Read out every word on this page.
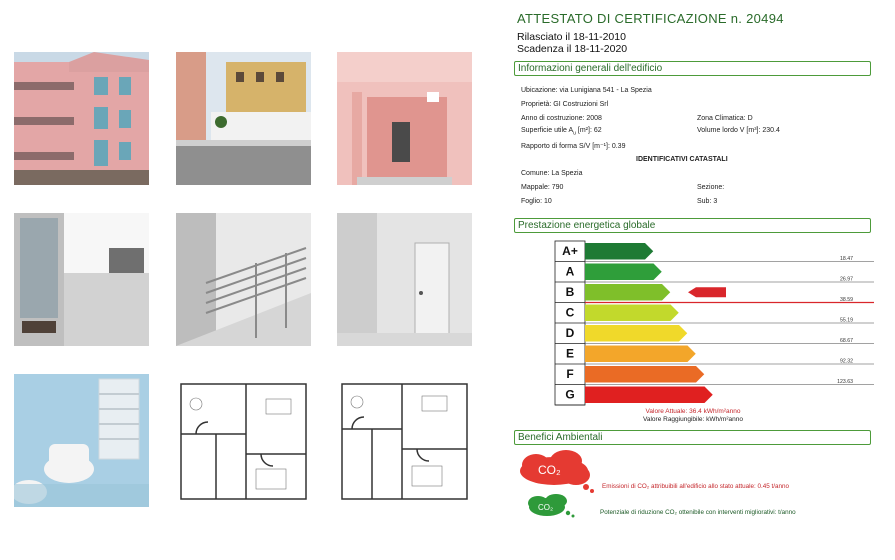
ATTESTATO DI CERTIFICAZIONE n. 20494
Rilasciato il 18-11-2010
Scadenza il 18-11-2020
Informazioni generali dell'edificio
Ubicazione: via Lunigiana 541 - La Spezia
Proprietà: GI Costruzioni Srl
Anno di costruzione: 2008	Zona Climatica: D
Superficie utile $A_u$ [m²]: 62	Volume lordo V [m³]: 230.4
Rapporto di forma S/V [m⁻¹]: 0.39
IDENTIFICATIVI CATASTALI
Comune: La Spezia
Mappale: 790	Sezione:
Foglio: 10	Sub: 3
Prestazione energetica globale
A+
18.47
A
26.97
B
38.59
C
55.19
D
68.67
E
92.32
F
123.63
G
Valore Attuale: 36.4 kWh/m²anno
Valore Raggiungibile: kWh/m²anno
Benefici Ambientali
CO₂
Emissioni di CO₂ attribuibili all'edificio allo stato attuale: 0.45 t/anno
CO₂
Potenziale di riduzione CO₂ ottenibile con interventi migliorativi: t/anno
